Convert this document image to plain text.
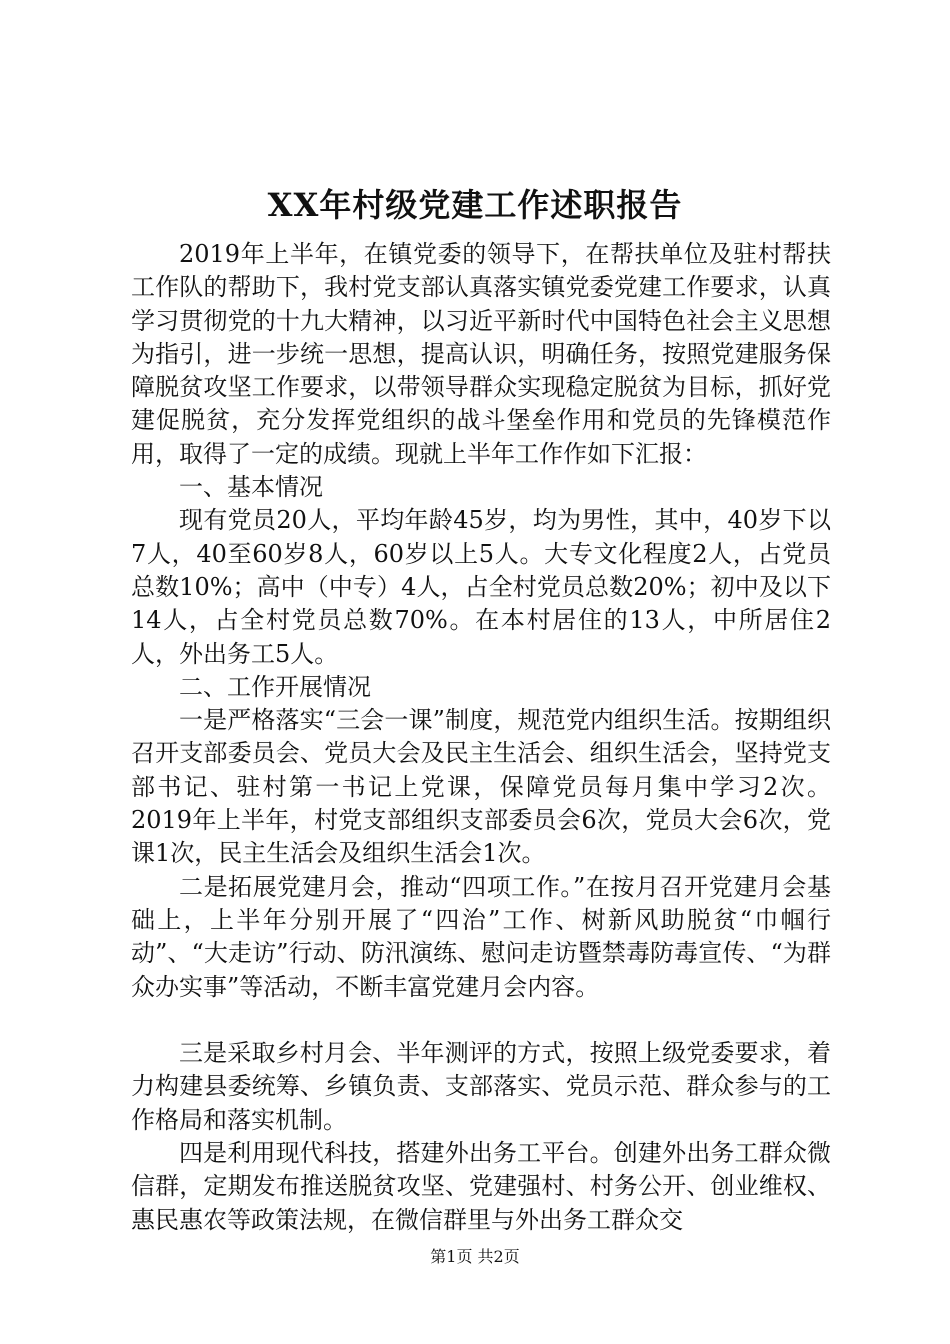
XX年村级党建工作述职报告

2019年上半年，在镇党委的领导下，在帮扶单位及驻村帮扶工作队的帮助下，我村党支部认真落实镇党委党建工作要求，认真学习贯彻党的十九大精神，以习近平新时代中国特色社会主义思想为指引，进一步统一思想，提高认识，明确任务，按照党建服务保障脱贫攻坚工作要求，以带领导群众实现稳定脱贫为目标，抓好党建促脱贫，充分发挥党组织的战斗堡垒作用和党员的先锋模范作用，取得了一定的成绩。现就上半年工作作如下汇报：

一、基本情况

现有党员20人，平均年龄45岁，均为男性，其中，40岁下以7人，40至60岁8人，60岁以上5人。大专文化程度2人，占党员总数10%；高中（中专）4人，占全村党员总数20%；初中及以下14人，占全村党员总数70%。在本村居住的13人，中所居住2人，外出务工5人。

二、工作开展情况

一是严格落实“三会一课”制度，规范党内组织生活。按期组织召开支部委员会、党员大会及民主生活会、组织生活会，坚持党支部书记、驻村第一书记上党课，保障党员每月集中学习2次。2019年上半年，村党支部组织支部委员会6次，党员大会6次，党课1次，民主生活会及组织生活会1次。

二是拓展党建月会，推动“四项工作。”在按月召开党建月会基础上，上半年分别开展了“四治”工作、树新风助脱贫“巾帼行动”、“大走访”行动、防汛演练、慰问走访暨禁毒防毒宣传、“为群众办实事”等活动，不断丰富党建月会内容。

三是采取乡村月会、半年测评的方式，按照上级党委要求，着力构建县委统筹、乡镇负责、支部落实、党员示范、群众参与的工作格局和落实机制。

四是利用现代科技，搭建外出务工平台。创建外出务工群众微信群，定期发布推送脱贫攻坚、党建强村、村务公开、创业维权、惠民惠农等政策法规，在微信群里与外出务工群众交

第1页 共2页
